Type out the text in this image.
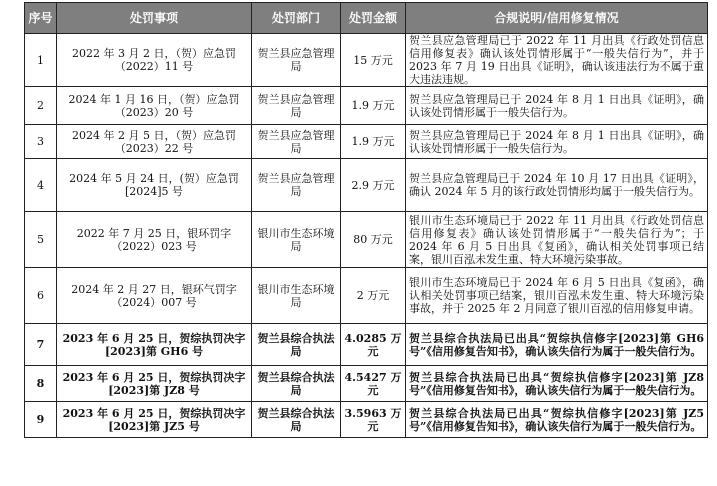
序号	处罚事项	处罚部门	处罚金额	合规说明/信用修复情况
1	2022 年 3 月 2 日，（贺）应急罚（2022）11 号	贺兰县应急管理局	15 万元	贺兰县应急管理局已于 2022 年 11 月出具《行政处罚信息信用修复表》确认该处罚情形属于“一般失信行为”，并于 2023 年 7 月 19 日出具《证明》，确认该违法行为不属于重大违法违规。
2	2024 年 1 月 16 日，（贺）应急罚（2023）20 号	贺兰县应急管理局	1.9 万元	贺兰县应急管理局已于 2024 年 8 月 1 日出具《证明》，确认该处罚情形属于一般失信行为。
3	2024 年 2 月 5 日，（贺）应急罚（2023）22 号	贺兰县应急管理局	1.9 万元	贺兰县应急管理局已于 2024 年 8 月 1 日出具《证明》，确认该处罚情形属于一般失信行为。
4	2024 年 5 月 24 日，(贺）应急罚[2024]5 号	贺兰县应急管理局	2.9 万元	贺兰县应急管理局已于 2024 年 10 月 17 日出具《证明》，确认 2024 年 5 月的该行政处罚情形均属于一般失信行为。
5	2022 年 7 月 25 日，银环罚字（2022）023 号	银川市生态环境局	80 万元	银川市生态环境局已于 2022 年 11 月出具《行政处罚信息信用修复表》确认该处罚情形属于“一般失信行为”；于 2024 年 6 月 5 日出具《复函》，确认相关处罚事项已结案，银川百泓未发生重、特大环境污染事故。
6	2024 年 2 月 27 日，银环气罚字（2024）007 号	银川市生态环境局	2 万元	银川市生态环境局已于 2024 年 6 月 5 日出具《复函》，确认相关处罚事项已结案，银川百泓未发生重、特大环境污染事故，并于 2025 年 2 月同意了银川百泓的信用修复申请。
7	2023 年 6 月 25 日，贺综执罚决字[2023]第 GH6 号	贺兰县综合执法局	4.0285 万元	贺兰县综合执法局已出具“贺综执信修字[2023]第 GH6 号”《信用修复告知书》，确认该失信行为属于一般失信行为。
8	2023 年 6 月 25 日，贺综执罚决字[2023]第 JZ8 号	贺兰县综合执法局	4.5427 万元	贺兰县综合执法局已出具“贺综执信修字[2023]第 JZ8 号”《信用修复告知书》，确认该失信行为属于一般失信行为。
9	2023 年 6 月 25 日，贺综执罚决字[2023]第 JZ5 号	贺兰县综合执法局	3.5963 万元	贺兰县综合执法局已出具“贺综执信修字[2023]第 JZ5 号”《信用修复告知书》，确认该失信行为属于一般失信行为。
